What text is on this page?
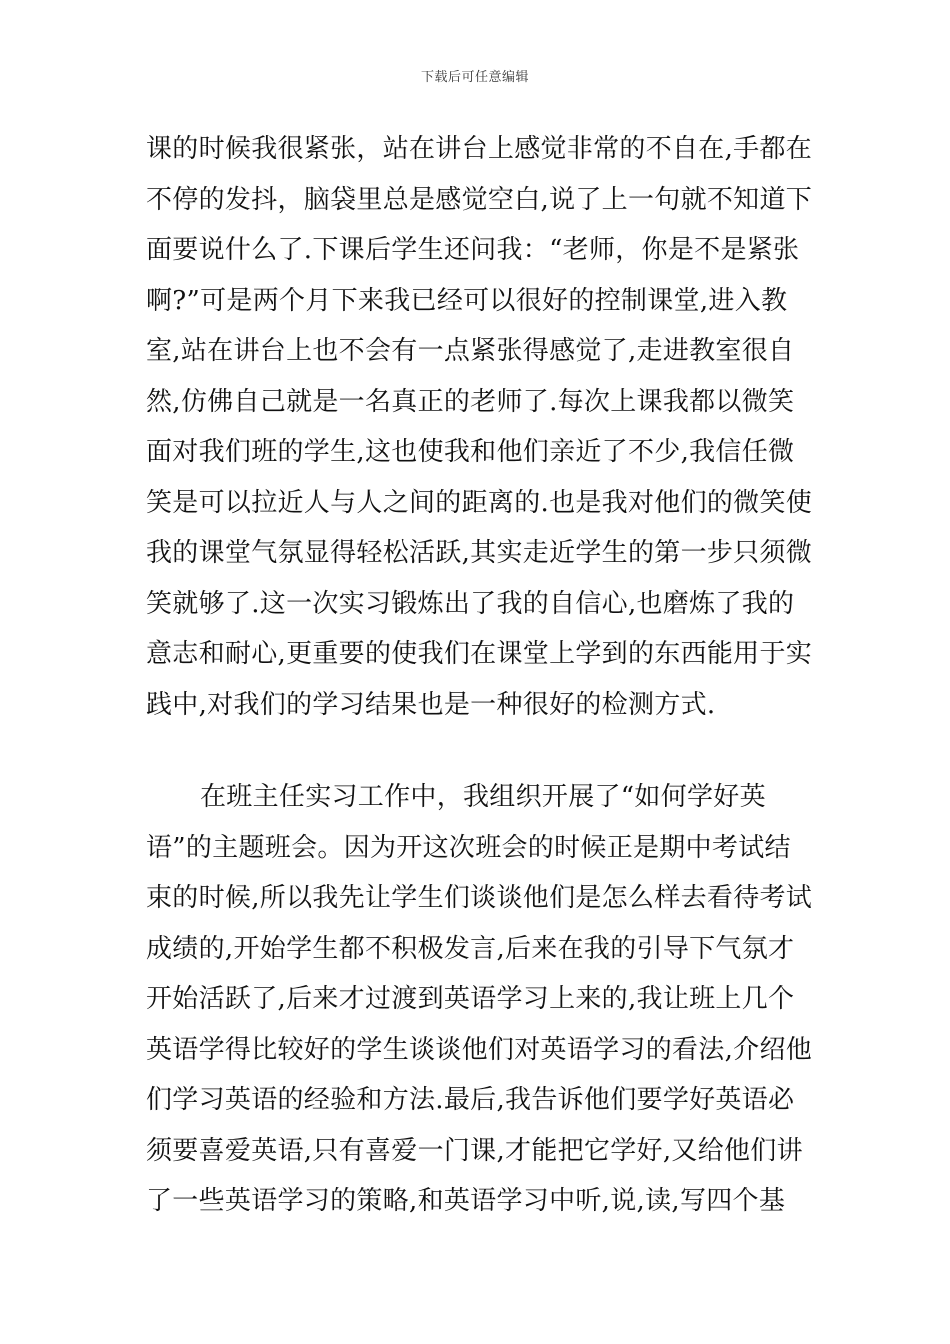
下载后可任意编辑
课的时候我很紧张，站在讲台上感觉非常的不自在,手都在
不停的发抖，脑袋里总是感觉空白,说了上一句就不知道下
面要说什么了.下课后学生还问我：“老师，你是不是紧张
啊?”可是两个月下来我已经可以很好的控制课堂,进入教
室,站在讲台上也不会有一点紧张得感觉了,走进教室很自
然,仿佛自己就是一名真正的老师了.每次上课我都以微笑
面对我们班的学生,这也使我和他们亲近了不少,我信任微
笑是可以拉近人与人之间的距离的.也是我对他们的微笑使
我的课堂气氛显得轻松活跃,其实走近学生的第一步只须微
笑就够了.这一次实习锻炼出了我的自信心,也磨炼了我的
意志和耐心,更重要的使我们在课堂上学到的东西能用于实
践中,对我们的学习结果也是一种很好的检测方式.
在班主任实习工作中，我组织开展了“如何学好英
语”的主题班会。因为开这次班会的时候正是期中考试结
束的时候,所以我先让学生们谈谈他们是怎么样去看待考试
成绩的,开始学生都不积极发言,后来在我的引导下气氛才
开始活跃了,后来才过渡到英语学习上来的,我让班上几个
英语学得比较好的学生谈谈他们对英语学习的看法,介绍他
们学习英语的经验和方法.最后,我告诉他们要学好英语必
须要喜爱英语,只有喜爱一门课,才能把它学好,又给他们讲
了一些英语学习的策略,和英语学习中听,说,读,写四个基
